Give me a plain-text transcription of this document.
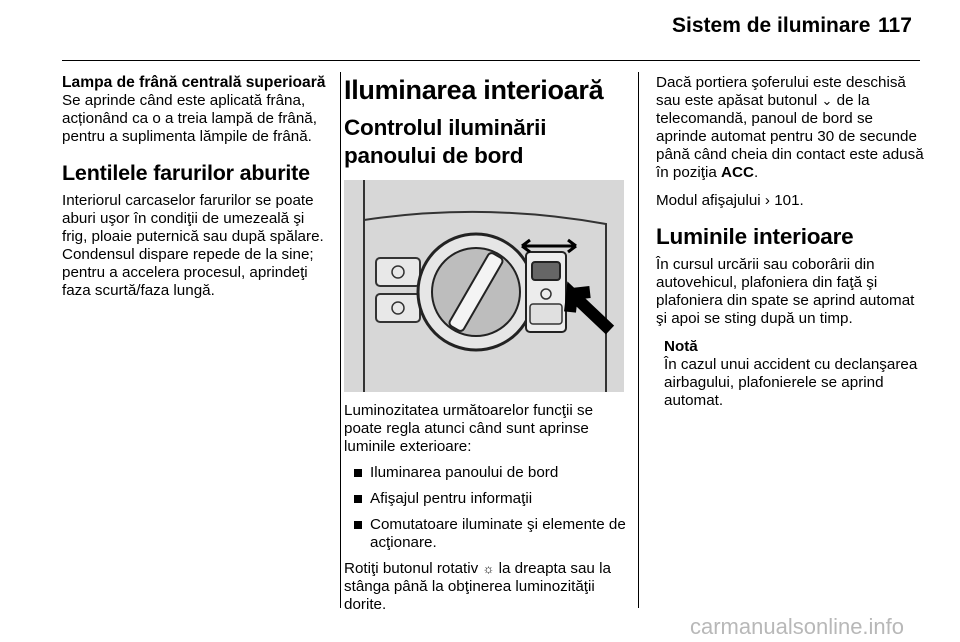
Sistem de iluminare 117
Lampa de frână centrală superioară

Se aprinde când este aplicată frâna, acționând ca o a treia lampă de frână, pentru a suplimenta lămpile de frână.

Lentilele farurilor aburite

Interiorul carcaselor farurilor se poate aburi uşor în condiţii de umezeală şi frig, ploaie puternică sau după spălare. Condensul dispare repede de la sine; pentru a accelera procesul, aprindeţi faza scurtă/faza lungă.

Iluminarea interioară
Controlul iluminării panoului de bord

Luminozitatea următoarelor funcţii se poate regla atunci când sunt aprinse luminile exterioare:

Iluminarea panoului de bord
Afişajul pentru informaţii
Comutatoare iluminate şi elemente de acţionare.

Rotiţi butonul rotativ ☼ la dreapta sau la stânga până la obţinerea luminozităţii dorite.

Dacă portiera şoferului este deschisă sau este apăsat butonul ⌄ de la telecomandă, panoul de bord se aprinde automat pentru 30 de secunde până când cheia din contact este adusă în poziţia ACC.

Modul afişajului › 101.

Luminile interioare

În cursul urcării sau coborârii din autovehicul, plafoniera din faţă şi plafoniera din spate se aprind automat şi apoi se sting după un timp.

Notă

În cazul unui accident cu declanşarea airbagului, plafonierele se aprind automat.

carmanualsonline.info
